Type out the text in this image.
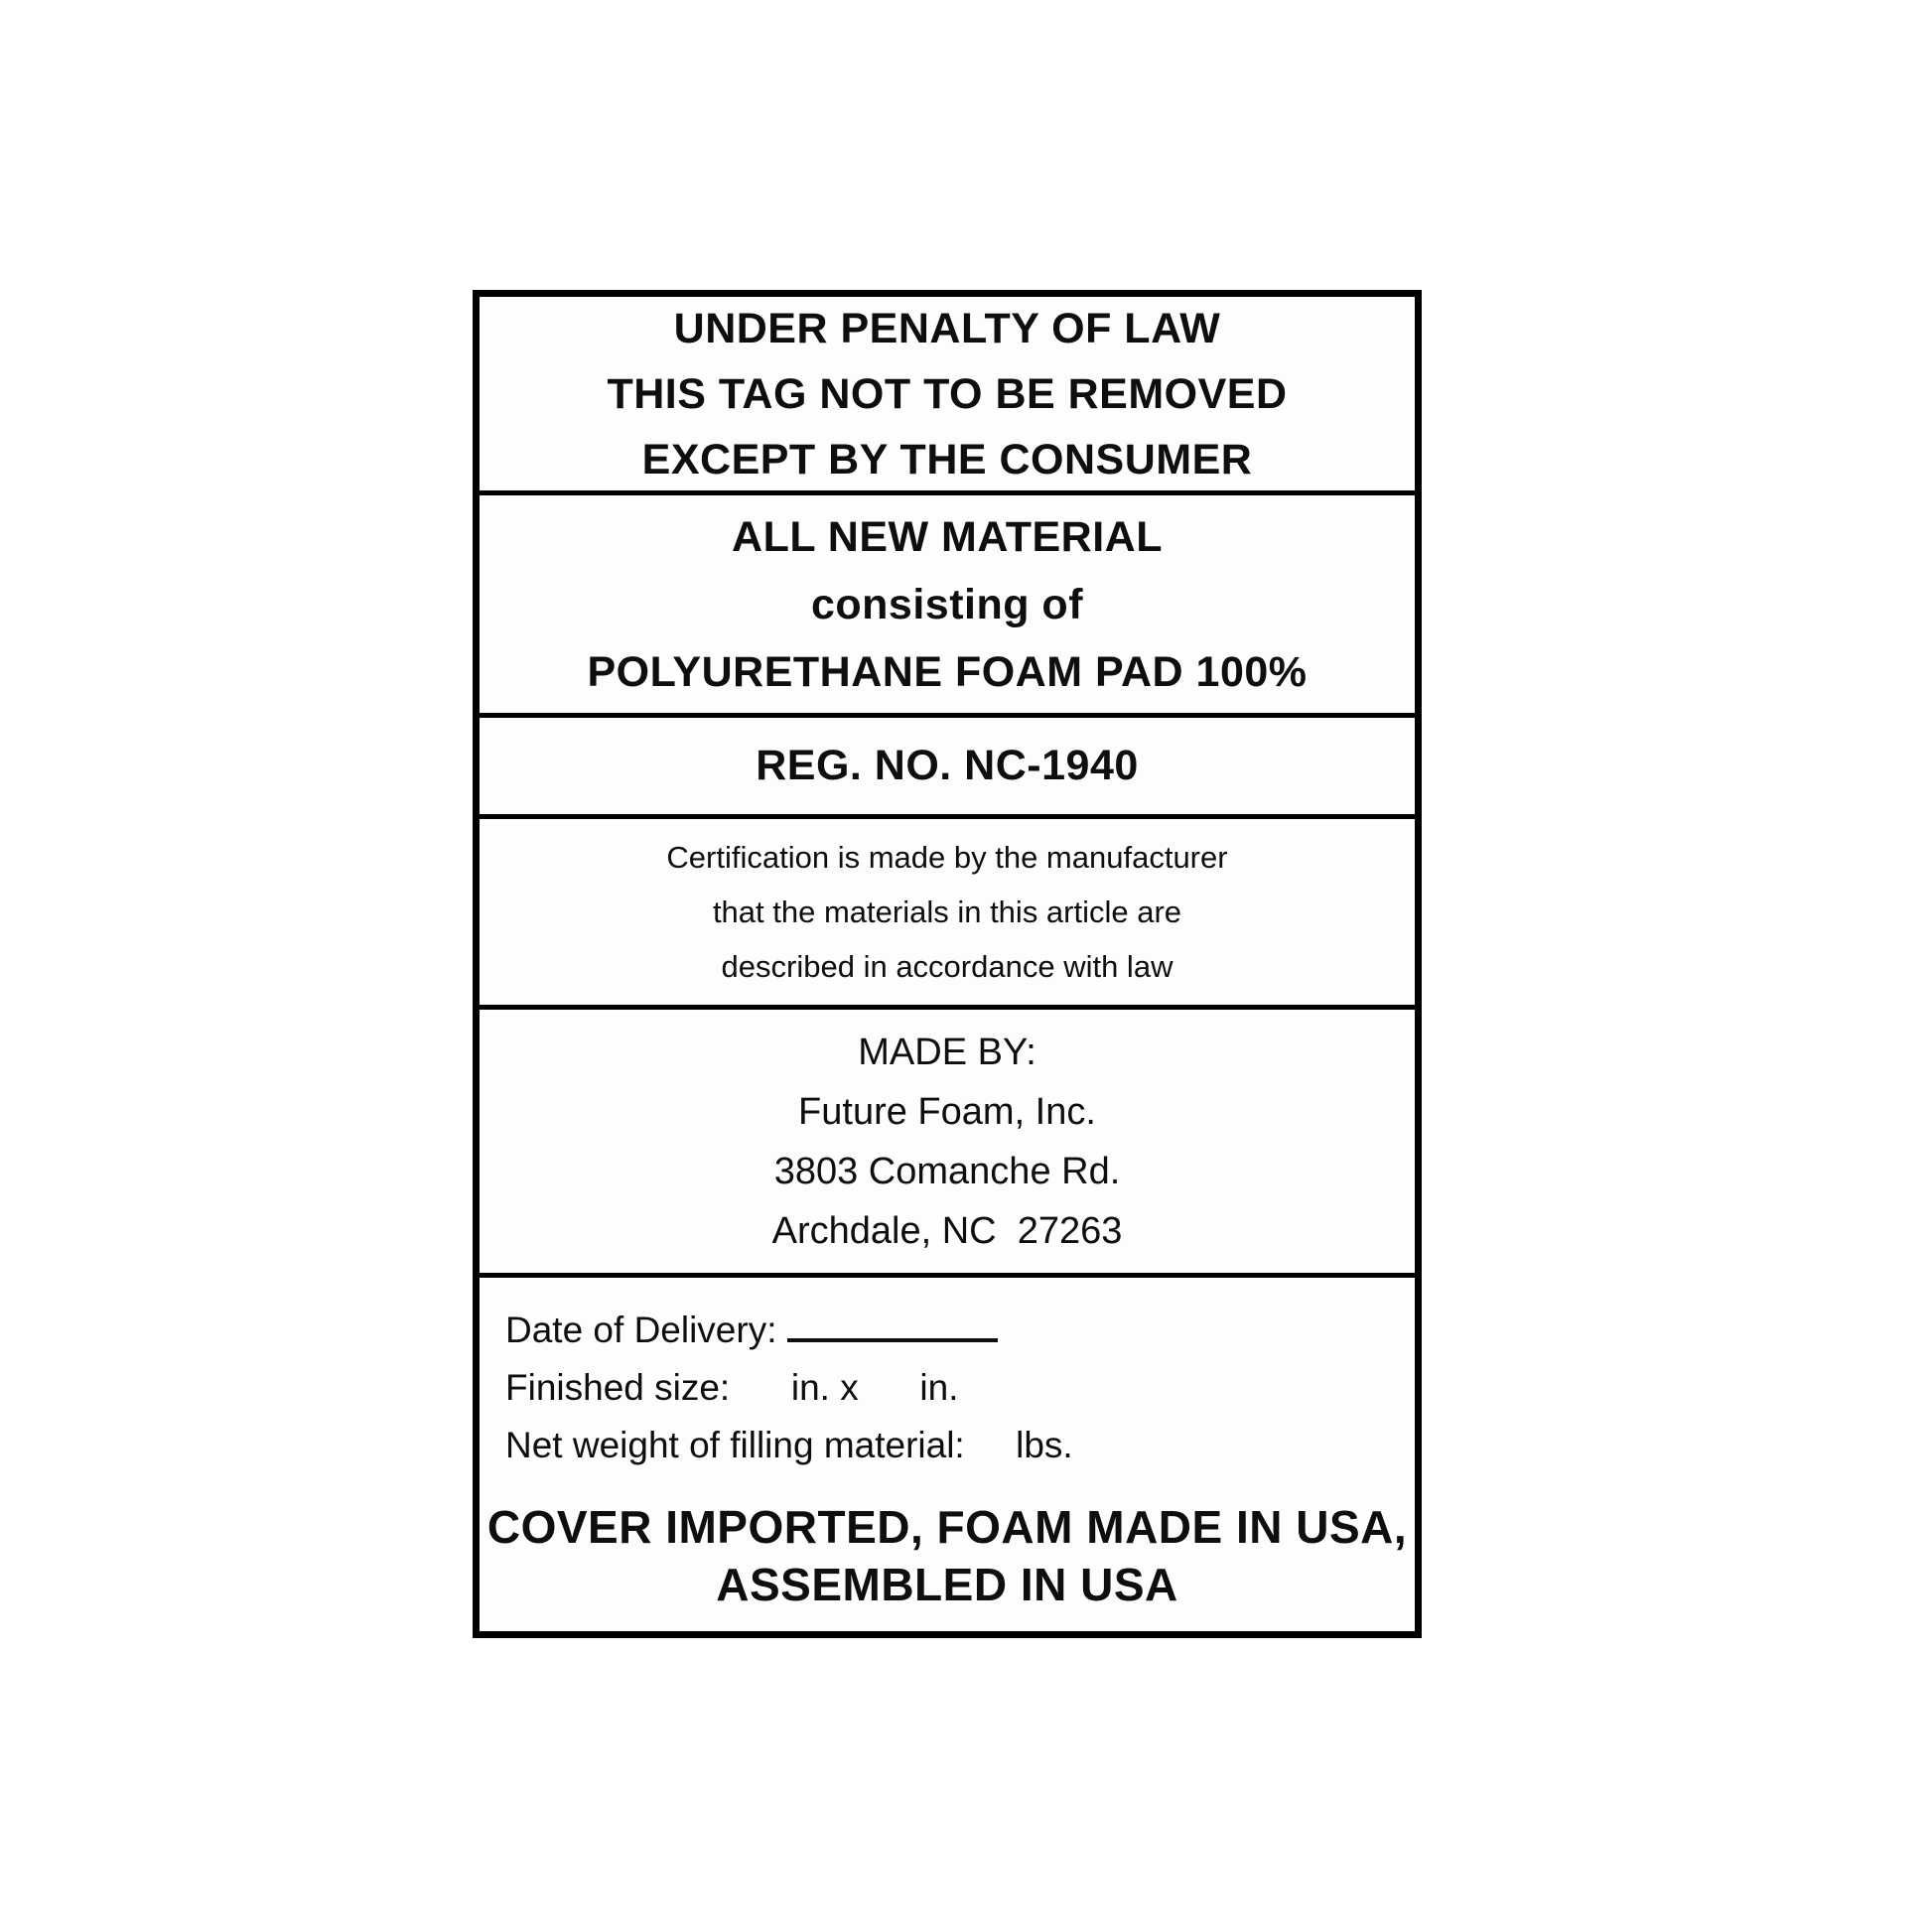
UNDER PENALTY OF LAW
THIS TAG NOT TO BE REMOVED
EXCEPT BY THE CONSUMER
ALL NEW MATERIAL
consisting of
POLYURETHANE FOAM PAD 100%
REG. NO. NC-1940
Certification is made by the manufacturer
that the materials in this article are
described in accordance with law
MADE BY:
Future Foam, Inc.
3803 Comanche Rd.
Archdale, NC  27263
Date of Delivery:
Finished size:      in. x      in.
Net weight of filling material:     lbs.
COVER IMPORTED, FOAM MADE IN USA,
ASSEMBLED IN USA
